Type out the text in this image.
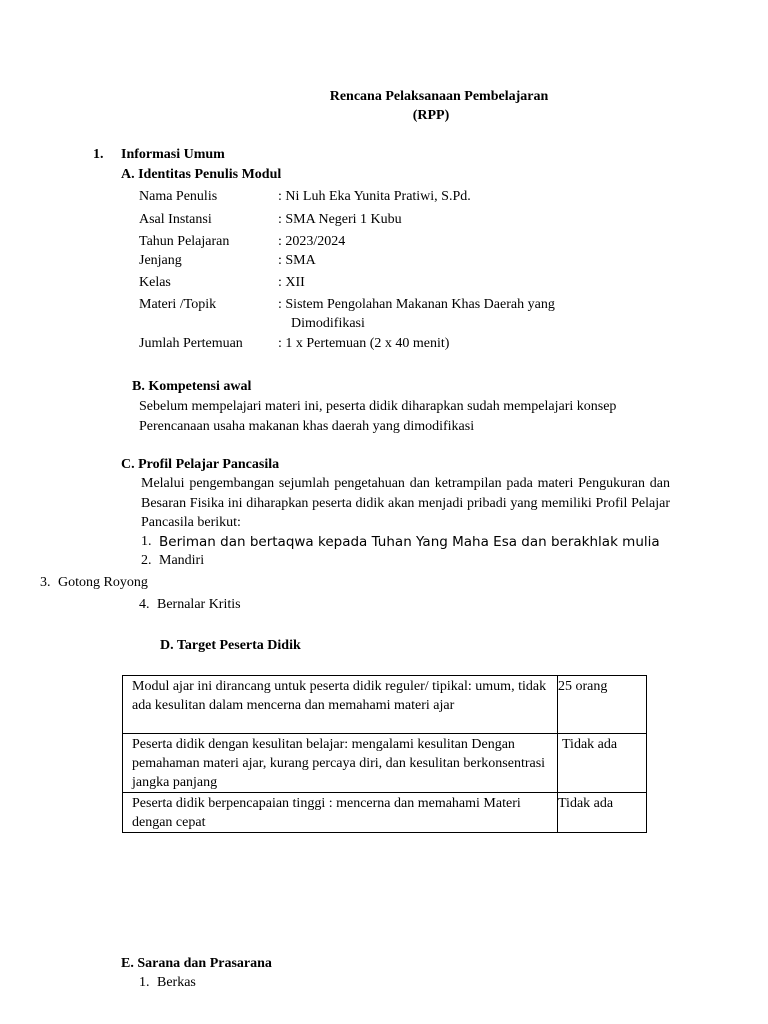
Rencana Pelaksanaan Pembelajaran
(RPP)
1. Informasi Umum
A. Identitas Penulis Modul
Nama Penulis	: Ni Luh Eka Yunita Pratiwi, S.Pd.
Asal Instansi	: SMA Negeri 1 Kubu
Tahun Pelajaran	: 2023/2024
Jenjang	: SMA
Kelas	: XII
Materi /Topik	: Sistem Pengolahan Makanan Khas Daerah yang
Dimodifikasi
Jumlah Pertemuan	: 1 x Pertemuan (2 x 40 menit)
B. Kompetensi awal
Sebelum mempelajari materi ini, peserta didik diharapkan sudah mempelajari konsep
Perencanaan usaha makanan khas daerah yang dimodifikasi
C. Profil Pelajar Pancasila
Melalui pengembangan sejumlah pengetahuan dan ketrampilan pada materi Pengukuran dan Besaran Fisika ini diharapkan peserta didik akan menjadi pribadi yang memiliki Profil Pelajar Pancasila berikut:
1. Beriman dan bertaqwa kepada Tuhan Yang Maha Esa dan berakhlak mulia
2. Mandiri
3. Gotong Royong
4. Bernalar Kritis
D. Target Peserta Didik
Modul ajar ini dirancang untuk peserta didik reguler/ tipikal: umum, tidak ada kesulitan dalam mencerna dan memahami materi ajar	25 orang
Peserta didik dengan kesulitan belajar: mengalami kesulitan Dengan pemahaman materi ajar, kurang percaya diri, dan kesulitan berkonsentrasi jangka panjang	Tidak ada
Peserta didik berpencapaian tinggi : mencerna dan memahami Materi dengan cepat	Tidak ada
E. Sarana dan Prasarana
1. Berkas
